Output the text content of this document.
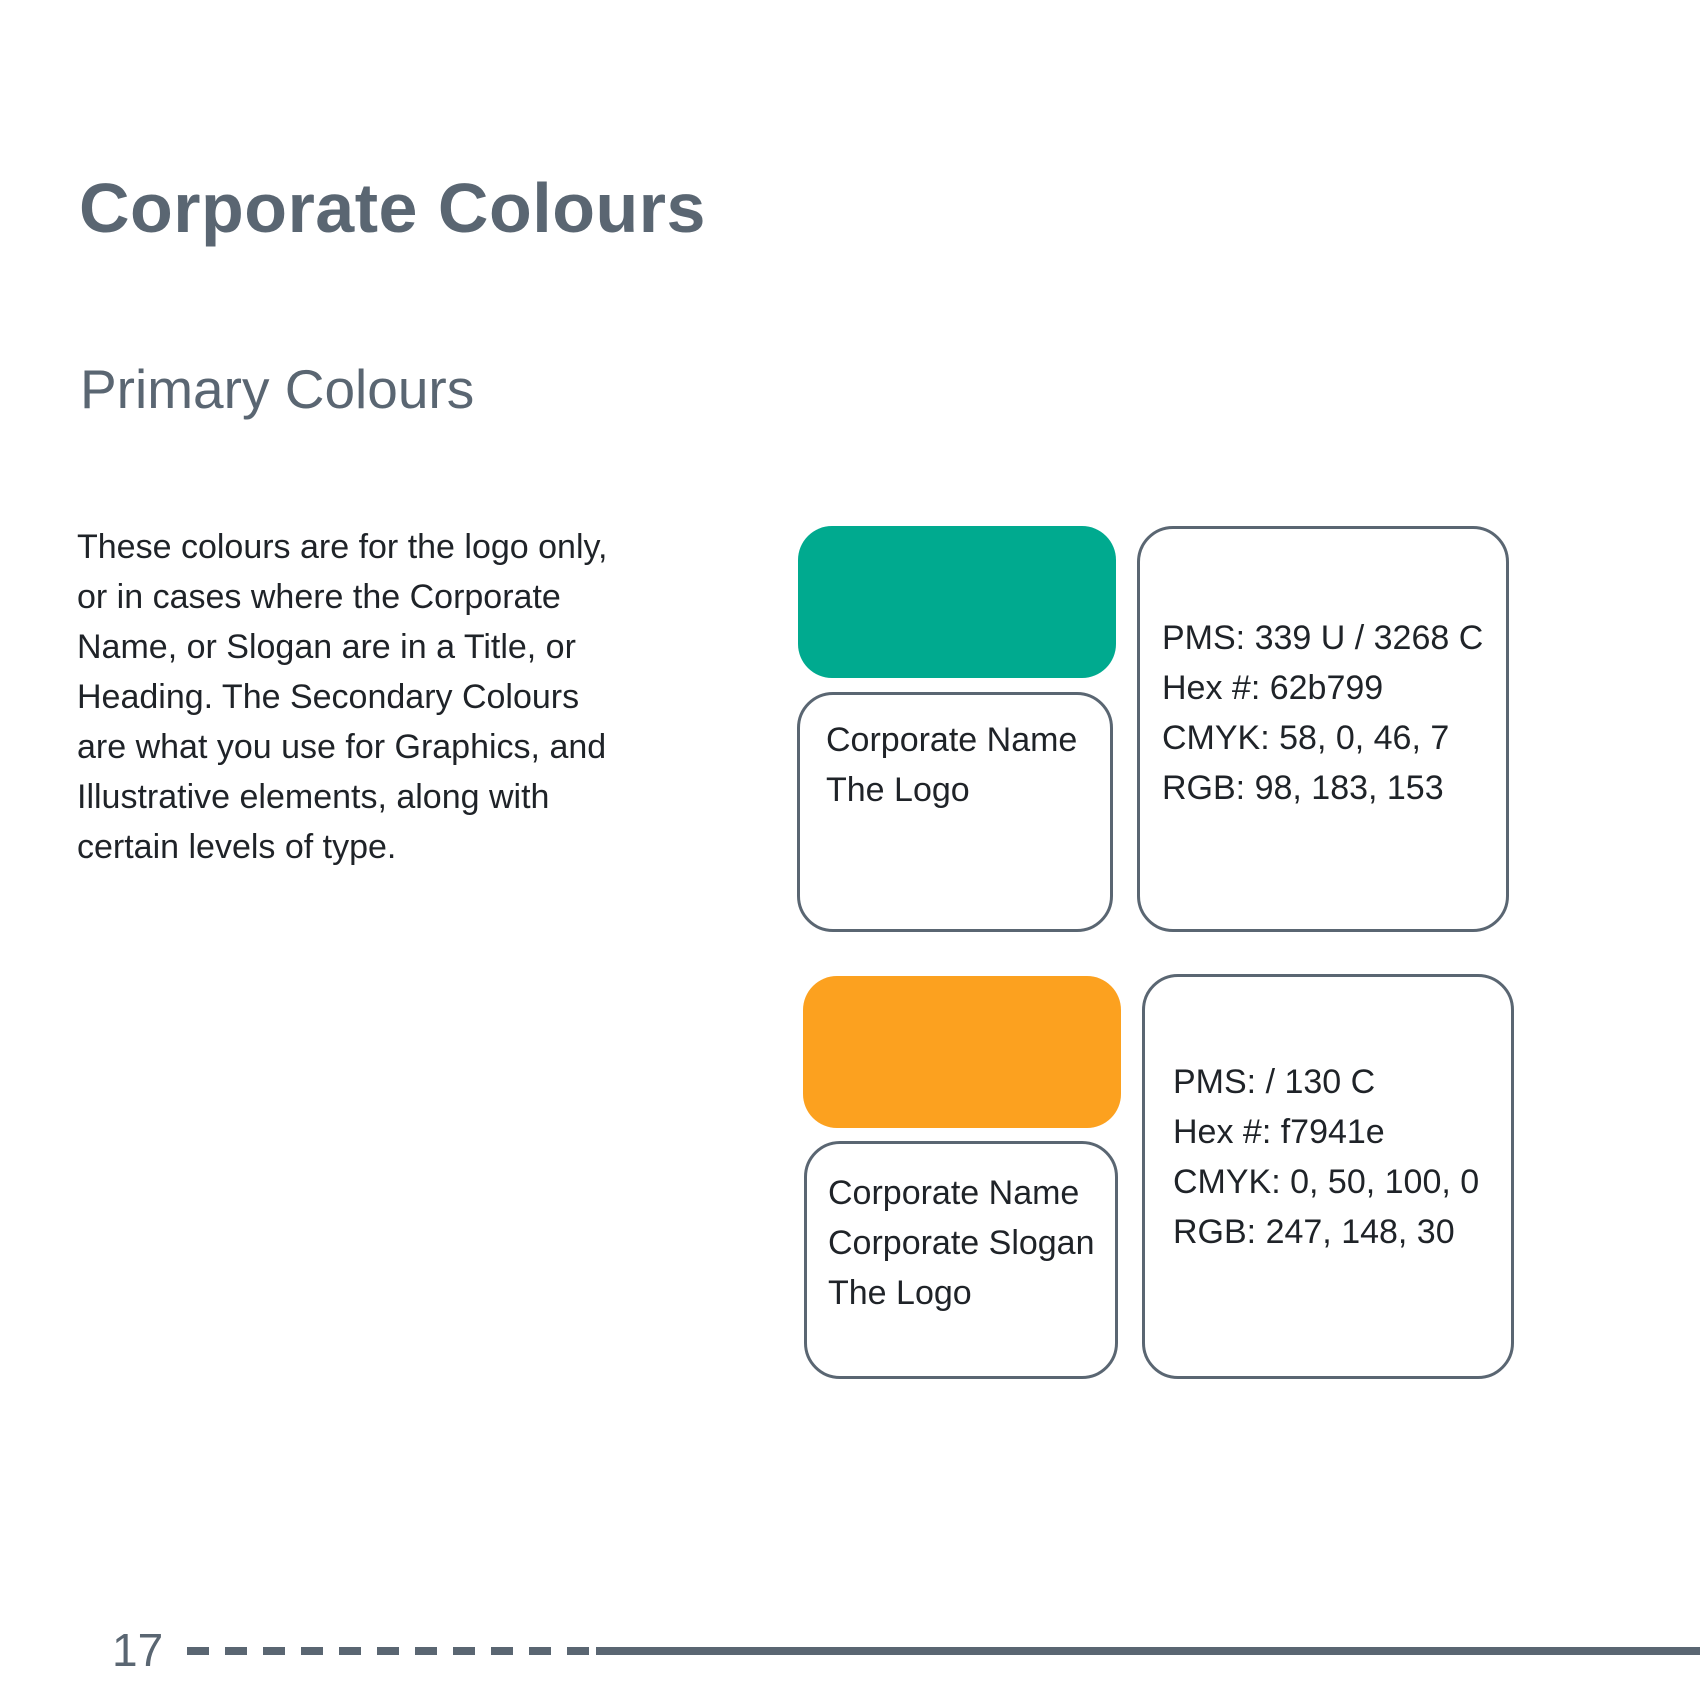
Corporate Colours
Primary Colours

These colours are for the logo only, or in cases where the Corporate Name, or Slogan are in a Title, or Heading. The Secondary Colours are what you use for Graphics, and Illustrative elements, along with certain levels of type.

Corporate Name
The Logo
PMS: 339 U / 3268 C
Hex #: 62b799
CMYK: 58, 0, 46, 7
RGB: 98, 183, 153
Corporate Name
Corporate Slogan
The Logo
PMS: / 130 C
Hex #: f7941e
CMYK: 0, 50, 100, 0
RGB: 247, 148, 30
17
